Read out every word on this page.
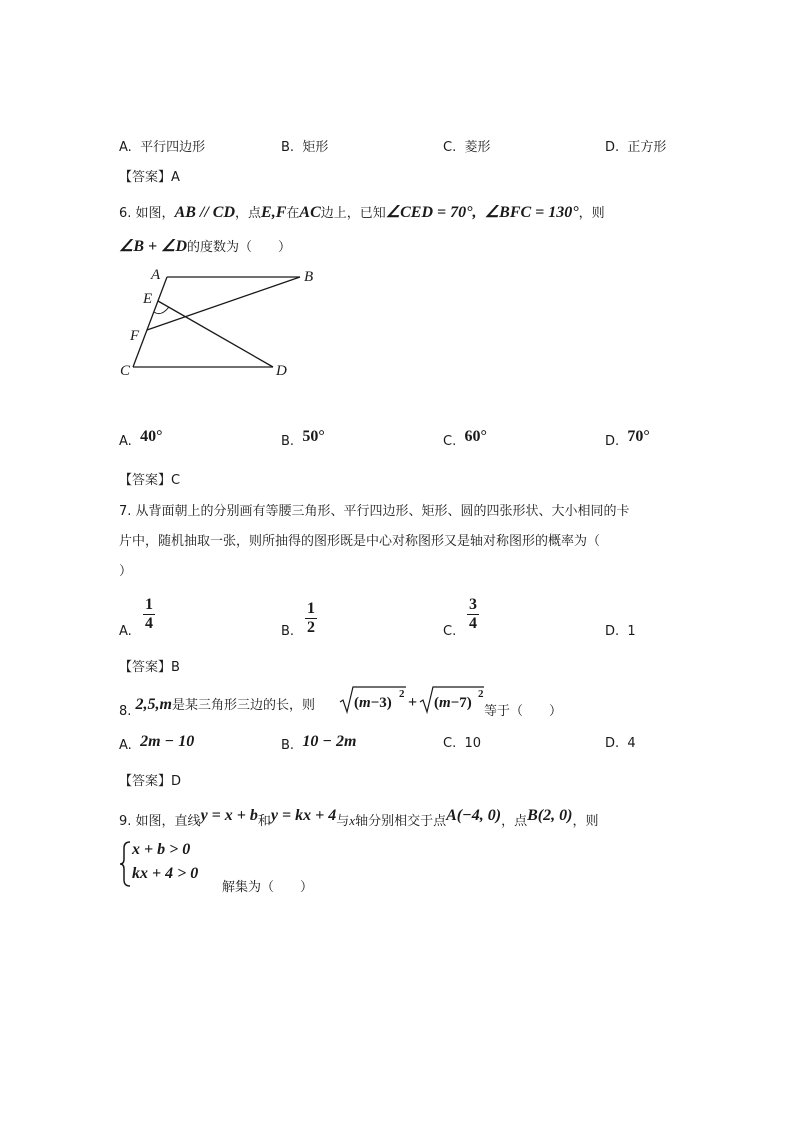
A. 平行四边形	B. 矩形	C. 菱形	D. 正方形
【答案】A
6. 如图，AB // CD，点E,F在AC边上，已知∠CED = 70°, ∠BFC = 130°，则
∠B + ∠D的度数为（　　）
A	B
C	D
E
F
A. 40°	B. 50°	C. 60°	D. 70°
【答案】C
7. 从背面朝上的分别画有等腰三角形、平行四边形、矩形、圆的四张形状、大小相同的卡
片中，随机抽取一张，则所抽得的图形既是中心对称图形又是轴对称图形的概率为（
）
A. $\frac{1}{4}$	B. $\frac{1}{2}$	C. $\frac{3}{4}$	D. 1
【答案】B
8. 2,5,m是某三角形三边的长，则	(m−3)
2 + (m−7)
2
等于（　　）
A. 2m − 10	B. 10 − 2m	C. 10	D. 4
【答案】D
9. 如图，直线y = x + b和y = kx + 4与x轴分别相交于点A(−4, 0)，点B(2, 0)，则
x + b > 0
kx + 4 > 0
解集为（　　）
